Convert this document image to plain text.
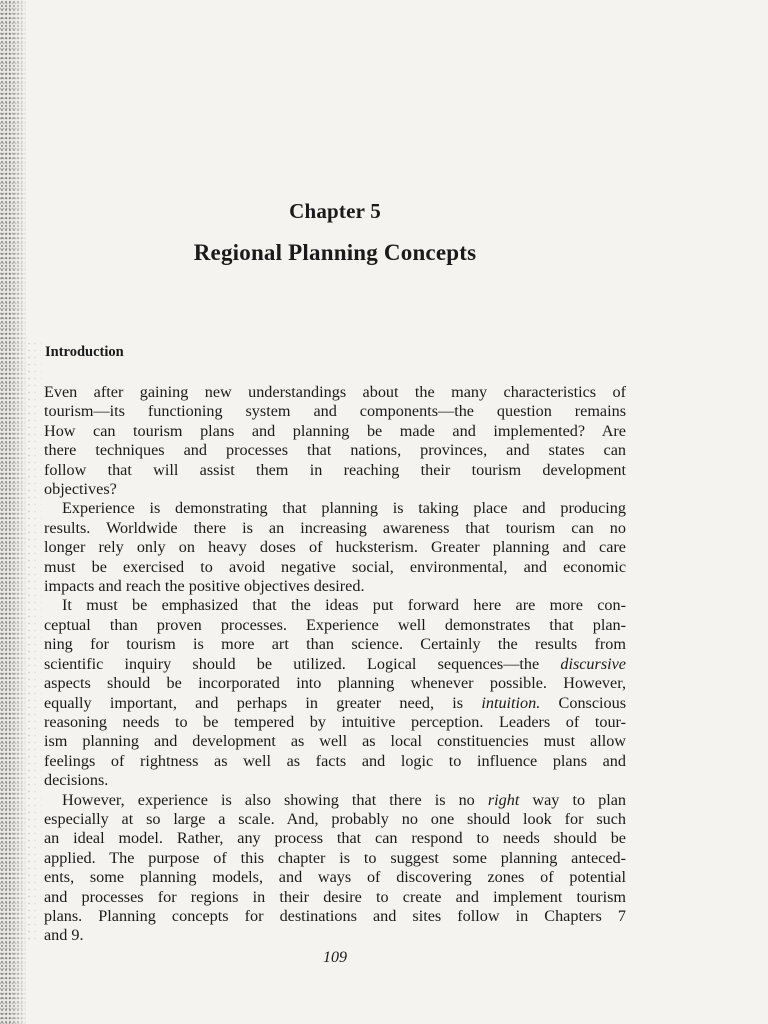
Chapter 5
Regional Planning Concepts
Introduction

Even after gaining new understandings about the many characteristics of
tourism—its functioning system and components—the question remains
How can tourism plans and planning be made and implemented? Are
there techniques and processes that nations, provinces, and states can
follow that will assist them in reaching their tourism development
objectives?

Experience is demonstrating that planning is taking place and producing
results. Worldwide there is an increasing awareness that tourism can no
longer rely only on heavy doses of hucksterism. Greater planning and care
must be exercised to avoid negative social, environmental, and economic
impacts and reach the positive objectives desired.

It must be emphasized that the ideas put forward here are more con-
ceptual than proven processes. Experience well demonstrates that plan-
ning for tourism is more art than science. Certainly the results from
scientific inquiry should be utilized. Logical sequences—the discursive
aspects should be incorporated into planning whenever possible. However,
equally important, and perhaps in greater need, is intuition. Conscious
reasoning needs to be tempered by intuitive perception. Leaders of tour-
ism planning and development as well as local constituencies must allow
feelings of rightness as well as facts and logic to influence plans and
decisions.

However, experience is also showing that there is no right way to plan
especially at so large a scale. And, probably no one should look for such
an ideal model. Rather, any process that can respond to needs should be
applied. The purpose of this chapter is to suggest some planning anteced-
ents, some planning models, and ways of discovering zones of potential
and processes for regions in their desire to create and implement tourism
plans. Planning concepts for destinations and sites follow in Chapters 7
and 9.

109
